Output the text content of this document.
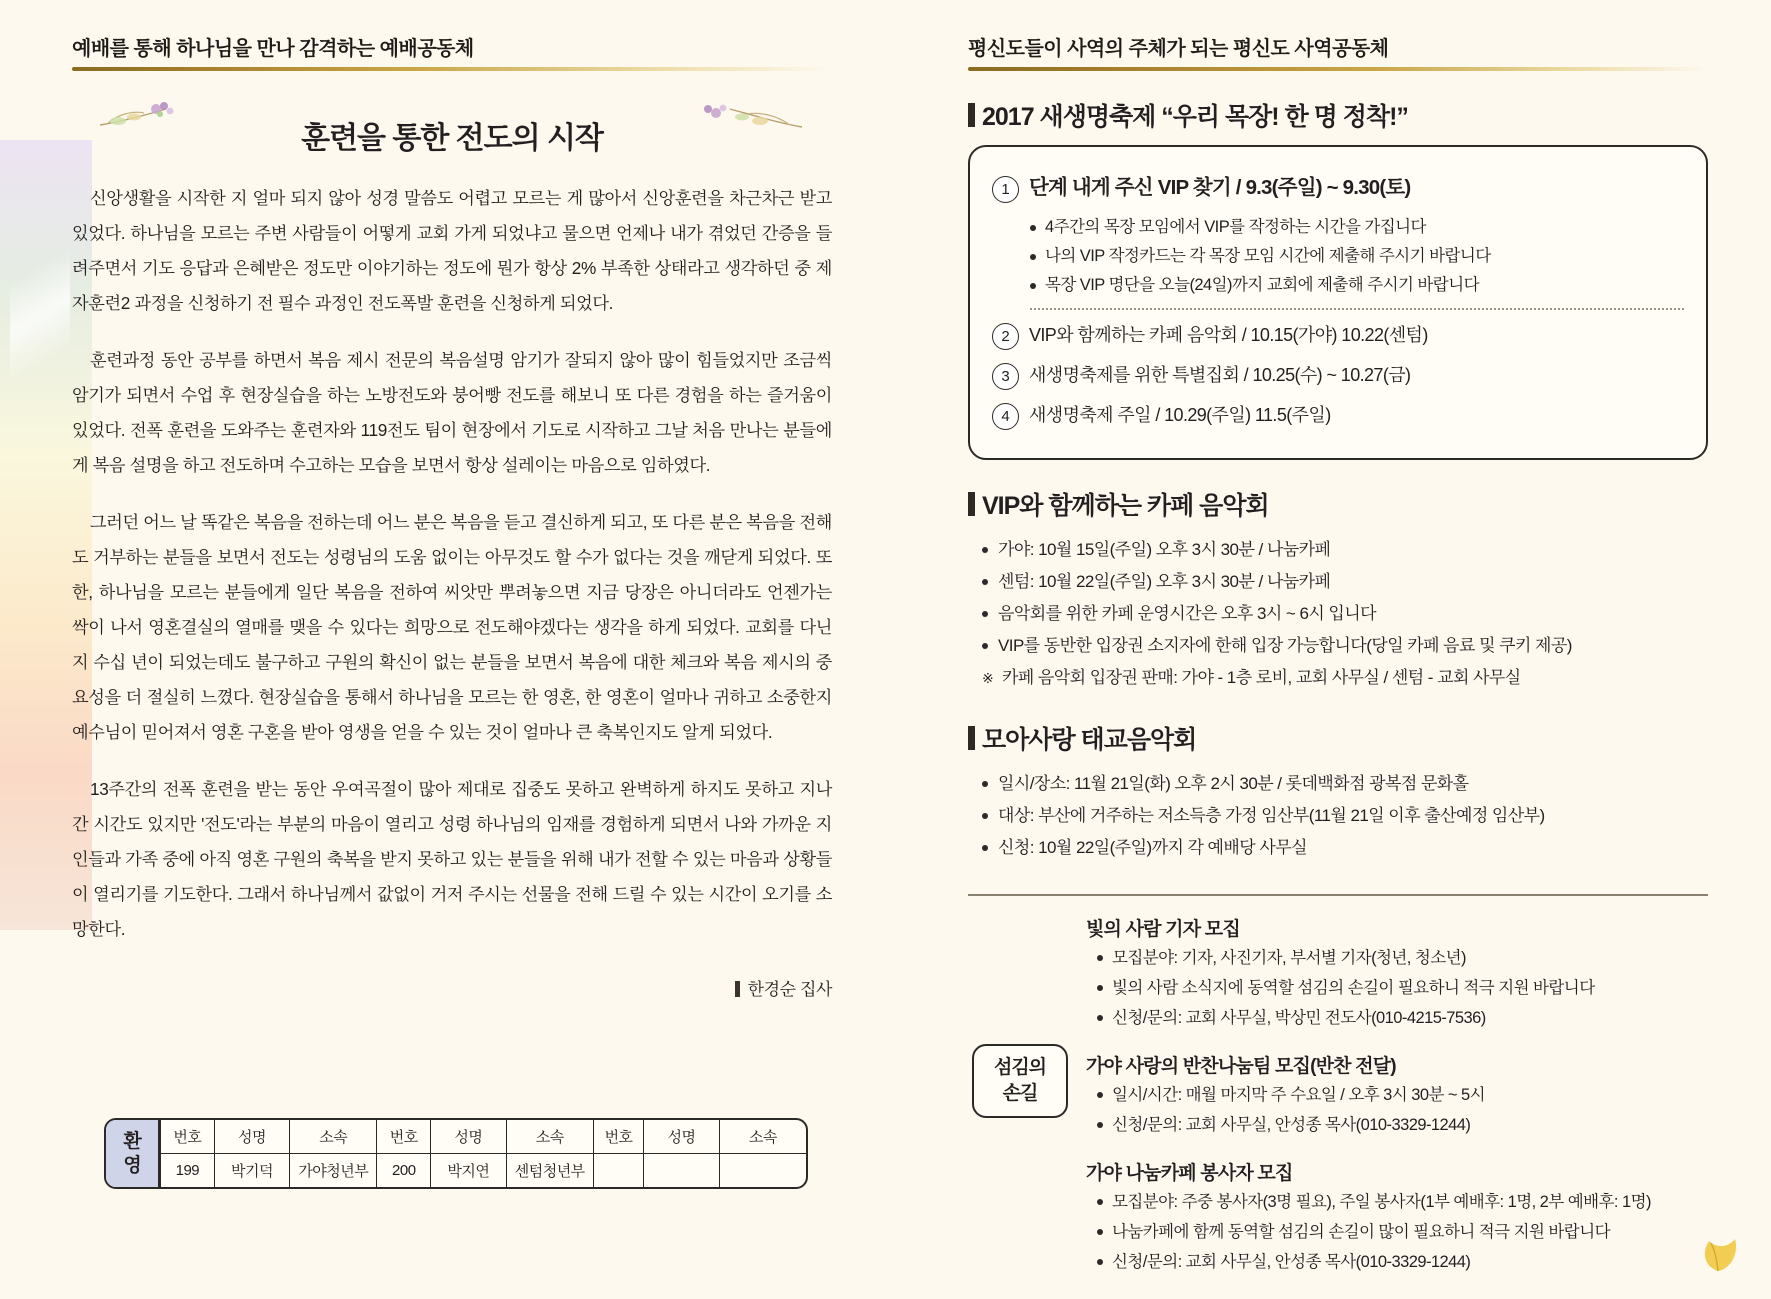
예배를 통해 하나님을 만나 감격하는 예배공동체
훈련을 통한 전도의 시작

신앙생활을 시작한 지 얼마 되지 않아 성경 말씀도 어렵고 모르는 게 많아서 신앙훈련을 차근차근 받고 있었다. 하나님을 모르는 주변 사람들이 어떻게 교회 가게 되었냐고 물으면 언제나 내가 겪었던 간증을 들려주면서 기도 응답과 은혜받은 정도만 이야기하는 정도에 뭔가 항상 2% 부족한 상태라고 생각하던 중 제자훈련2 과정을 신청하기 전 필수 과정인 전도폭발 훈련을 신청하게 되었다.

훈련과정 동안 공부를 하면서 복음 제시 전문의 복음설명 암기가 잘되지 않아 많이 힘들었지만 조금씩 암기가 되면서 수업 후 현장실습을 하는 노방전도와 붕어빵 전도를 해보니 또 다른 경험을 하는 즐거움이 있었다. 전폭 훈련을 도와주는 훈련자와 119전도 팀이 현장에서 기도로 시작하고 그날 처음 만나는 분들에게 복음 설명을 하고 전도하며 수고하는 모습을 보면서 항상 설레이는 마음으로 임하였다.

그러던 어느 날 똑같은 복음을 전하는데 어느 분은 복음을 듣고 결신하게 되고, 또 다른 분은 복음을 전해도 거부하는 분들을 보면서 전도는 성령님의 도움 없이는 아무것도 할 수가 없다는 것을 깨닫게 되었다. 또한, 하나님을 모르는 분들에게 일단 복음을 전하여 씨앗만 뿌려놓으면 지금 당장은 아니더라도 언젠가는 싹이 나서 영혼결실의 열매를 맺을 수 있다는 희망으로 전도해야겠다는 생각을 하게 되었다. 교회를 다닌 지 수십 년이 되었는데도 불구하고 구원의 확신이 없는 분들을 보면서 복음에 대한 체크와 복음 제시의 중요성을 더 절실히 느꼈다. 현장실습을 통해서 하나님을 모르는 한 영혼, 한 영혼이 얼마나 귀하고 소중한지 예수님이 믿어져서 영혼 구혼을 받아 영생을 얻을 수 있는 것이 얼마나 큰 축복인지도 알게 되었다.

13주간의 전폭 훈련을 받는 동안 우여곡절이 많아 제대로 집중도 못하고 완벽하게 하지도 못하고 지나간 시간도 있지만 '전도'라는 부분의 마음이 열리고 성령 하나님의 임재를 경험하게 되면서 나와 가까운 지인들과 가족 중에 아직 영혼 구원의 축복을 받지 못하고 있는 분들을 위해 내가 전할 수 있는 마음과 상황들이 열리기를 기도한다. 그래서 하나님께서 값없이 거저 주시는 선물을 전해 드릴 수 있는 시간이 오기를 소망한다.

한경순 집사
환
영
번호	성명	소속	번호	성명	소속	번호	성명	소속
199	박기덕	가야청년부	200	박지연	센텀청년부			
평신도들이 사역의 주체가 되는 평신도 사역공동체
2017 새생명축제 “우리 목장! 한 명 정착!”
1 단계 내게 주신 VIP 찾기 / 9.3(주일) ~ 9.30(토)
4주간의 목장 모임에서 VIP를 작정하는 시간을 가집니다
나의 VIP 작정카드는 각 목장 모임 시간에 제출해 주시기 바랍니다
목장 VIP 명단을 오늘(24일)까지 교회에 제출해 주시기 바랍니다
2	VIP와 함께하는 카페 음악회 / 10.15(가야) 10.22(센텀)
3	새생명축제를 위한 특별집회 / 10.25(수) ~ 10.27(금)
4	새생명축제 주일 / 10.29(주일) 11.5(주일)
VIP와 함께하는 카페 음악회
가야: 10월 15일(주일) 오후 3시 30분 / 나눔카페
센텀: 10월 22일(주일) 오후 3시 30분 / 나눔카페
음악회를 위한 카페 운영시간은 오후 3시 ~ 6시 입니다
VIP를 동반한 입장권 소지자에 한해 입장 가능합니다(당일 카페 음료 및 쿠키 제공)
※ 카페 음악회 입장권 판매: 가야 - 1층 로비, 교회 사무실 / 센텀 - 교회 사무실
모아사랑 태교음악회
일시/장소: 11월 21일(화) 오후 2시 30분 / 롯데백화점 광복점 문화홀
대상: 부산에 거주하는 저소득층 가정 임산부(11월 21일 이후 출산예정 임산부)
신청: 10월 22일(주일)까지 각 예배당 사무실
섬김의
손길
빛의 사람 기자 모집
모집분야: 기자, 사진기자, 부서별 기자(청년, 청소년)
빛의 사람 소식지에 동역할 섬김의 손길이 필요하니 적극 지원 바랍니다
신청/문의: 교회 사무실, 박상민 전도사(010-4215-7536)
가야 사랑의 반찬나눔팀 모집(반찬 전달)
일시/시간: 매월 마지막 주 수요일 / 오후 3시 30분 ~ 5시
신청/문의: 교회 사무실, 안성종 목사(010-3329-1244)
가야 나눔카페 봉사자 모집
모집분야: 주중 봉사자(3명 필요), 주일 봉사자(1부 예배후: 1명, 2부 예배후: 1명)
나눔카페에 함께 동역할 섬김의 손길이 많이 필요하니 적극 지원 바랍니다
신청/문의: 교회 사무실, 안성종 목사(010-3329-1244)
